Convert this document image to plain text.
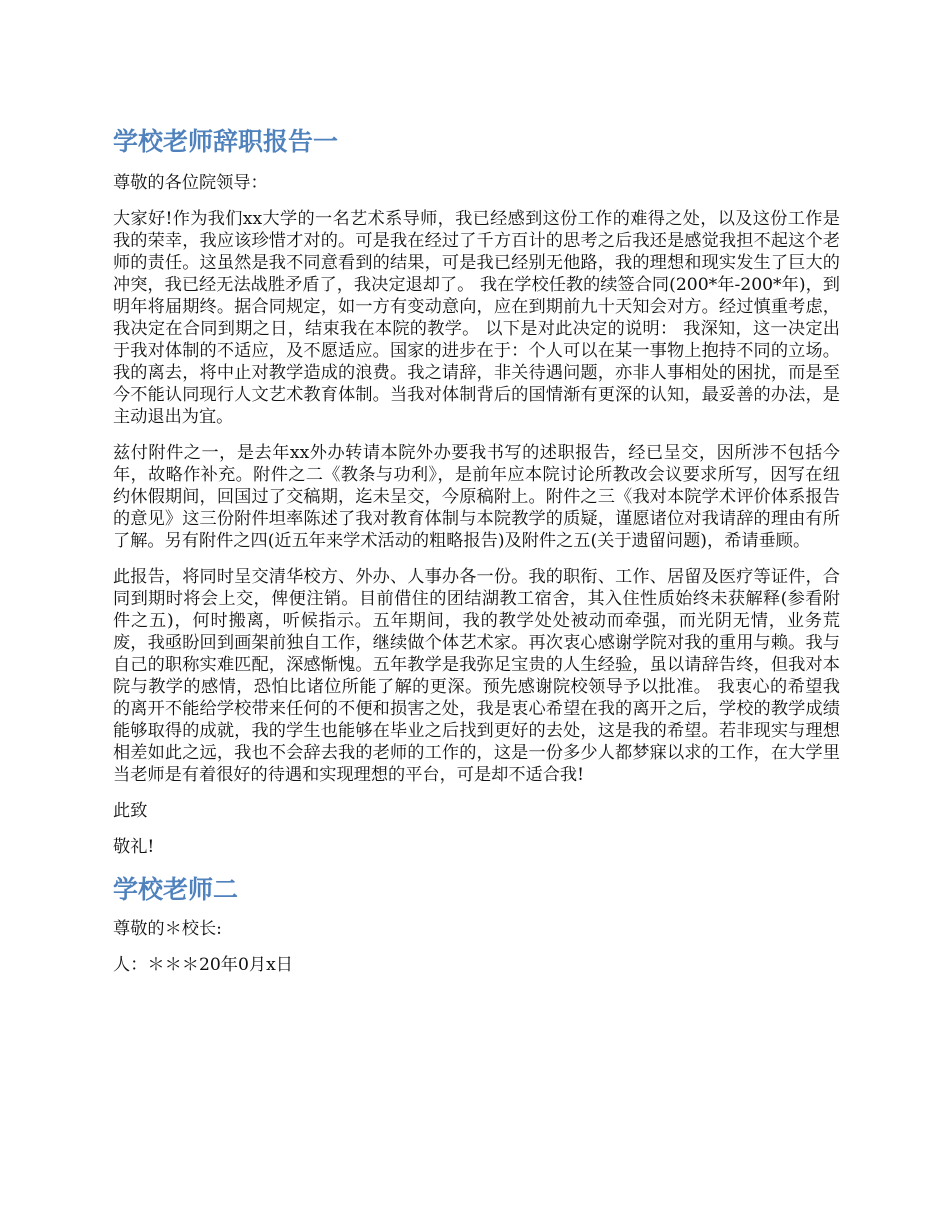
学校老师辞职报告一

尊敬的各位院领导：

大家好!作为我们xx大学的一名艺术系导师，我已经感到这份工作的难得之处，以及这份工作是我的荣幸，我应该珍惜才对的。可是我在经过了千方百计的思考之后我还是感觉我担不起这个老师的责任。这虽然是我不同意看到的结果，可是我已经别无他路，我的理想和现实发生了巨大的冲突，我已经无法战胜矛盾了，我决定退却了。 我在学校任教的续签合同(200*年-200*年)，到明年将届期终。据合同规定，如一方有变动意向，应在到期前九十天知会对方。经过慎重考虑，我决定在合同到期之日，结束我在本院的教学。 以下是对此决定的说明： 我深知，这一决定出于我对体制的不适应，及不愿适应。国家的进步在于：个人可以在某一事物上抱持不同的立场。我的离去，将中止对教学造成的浪费。我之请辞，非关待遇问题，亦非人事相处的困扰，而是至今不能认同现行人文艺术教育体制。当我对体制背后的国情渐有更深的认知，最妥善的办法，是主动退出为宜。

兹付附件之一，是去年xx外办转请本院外办要我书写的述职报告，经已呈交，因所涉不包括今年，故略作补充。附件之二《教条与功利》，是前年应本院讨论所教改会议要求所写，因写在纽约休假期间，回国过了交稿期，迄未呈交，今原稿附上。附件之三《我对本院学术评价体系报告的意见》这三份附件坦率陈述了我对教育体制与本院教学的质疑，谨愿诸位对我请辞的理由有所了解。另有附件之四(近五年来学术活动的粗略报告)及附件之五(关于遗留问题)，希请垂顾。

此报告，将同时呈交清华校方、外办、人事办各一份。我的职衔、工作、居留及医疗等证件，合同到期时将会上交，俾便注销。目前借住的团结湖教工宿舍，其入住性质始终未获解释(参看附件之五)，何时搬离，听候指示。五年期间，我的教学处处被动而牵强，而光阴无情，业务荒废，我亟盼回到画架前独自工作，继续做个体艺术家。再次衷心感谢学院对我的重用与赖。我与自己的职称实难匹配，深感惭愧。五年教学是我弥足宝贵的人生经验，虽以请辞告终，但我对本院与教学的感情，恐怕比诸位所能了解的更深。预先感谢院校领导予以批准。 我衷心的希望我的离开不能给学校带来任何的不便和损害之处，我是衷心希望在我的离开之后，学校的教学成绩能够取得的成就，我的学生也能够在毕业之后找到更好的去处，这是我的希望。若非现实与理想相差如此之远，我也不会辞去我的老师的工作的，这是一份多少人都梦寐以求的工作，在大学里当老师是有着很好的待遇和实现理想的平台，可是却不适合我!

此致

敬礼!

学校老师二

尊敬的＊校长:

人：＊＊＊20年0月x日
